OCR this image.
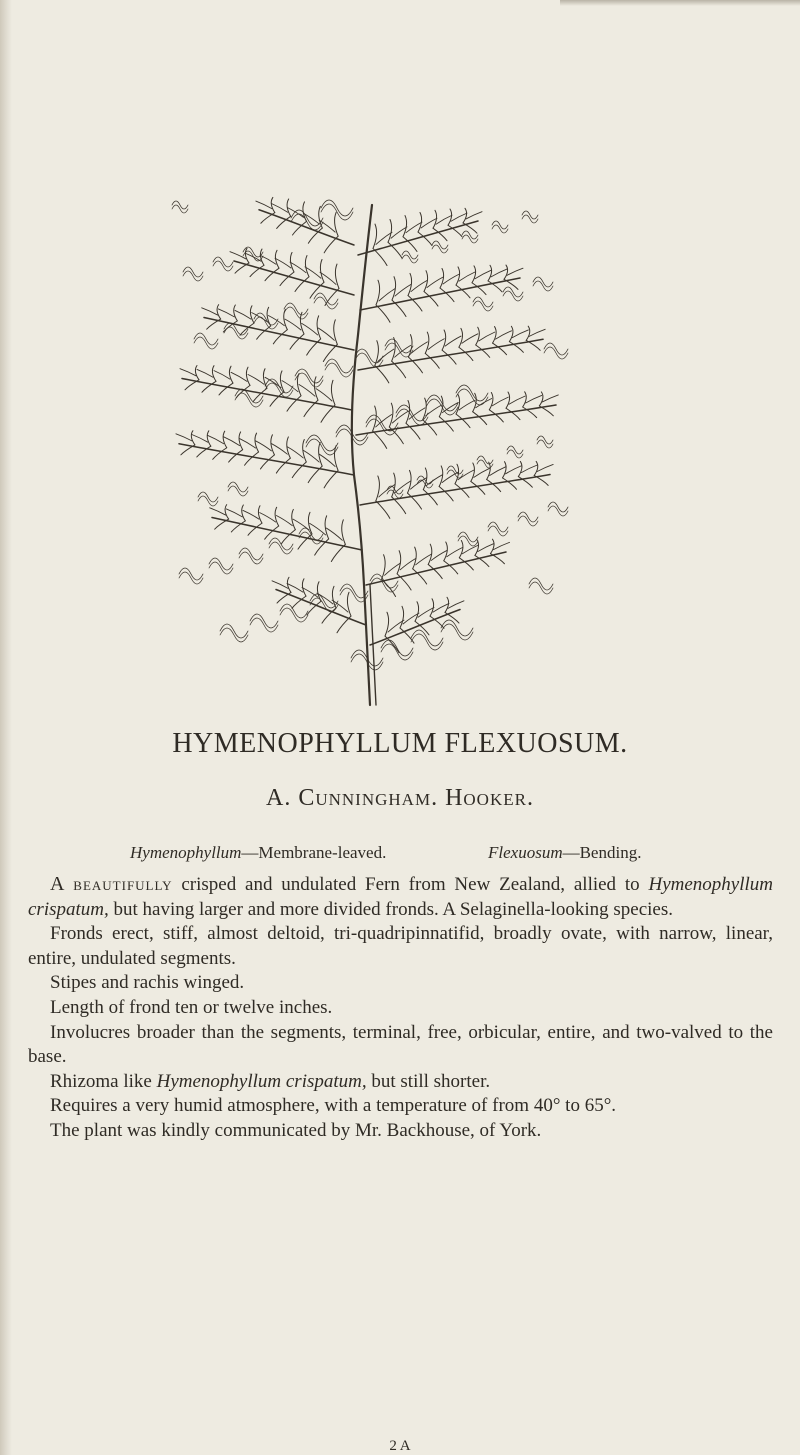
HYMENOPHYLLUM FLEXUOSUM.
A. Cunningham. Hooker.
Hymenophyllum—Membrane-leaved.	Flexuosum—Bending.

A beautifully crisped and undulated Fern from New Zealand, allied to Hymenophyllum crispatum, but having larger and more divided fronds. A Selaginella-looking species.

Fronds erect, stiff, almost deltoid, tri-quadripinnatifid, broadly ovate, with narrow, linear, entire, undulated segments.

Stipes and rachis winged.

Length of frond ten or twelve inches.

Involucres broader than the segments, terminal, free, orbicular, entire, and two-valved to the base.

Rhizoma like Hymenophyllum crispatum, but still shorter.

Requires a very humid atmosphere, with a temperature of from 40° to 65°.

The plant was kindly communicated by Mr. Backhouse, of York.

2 A
